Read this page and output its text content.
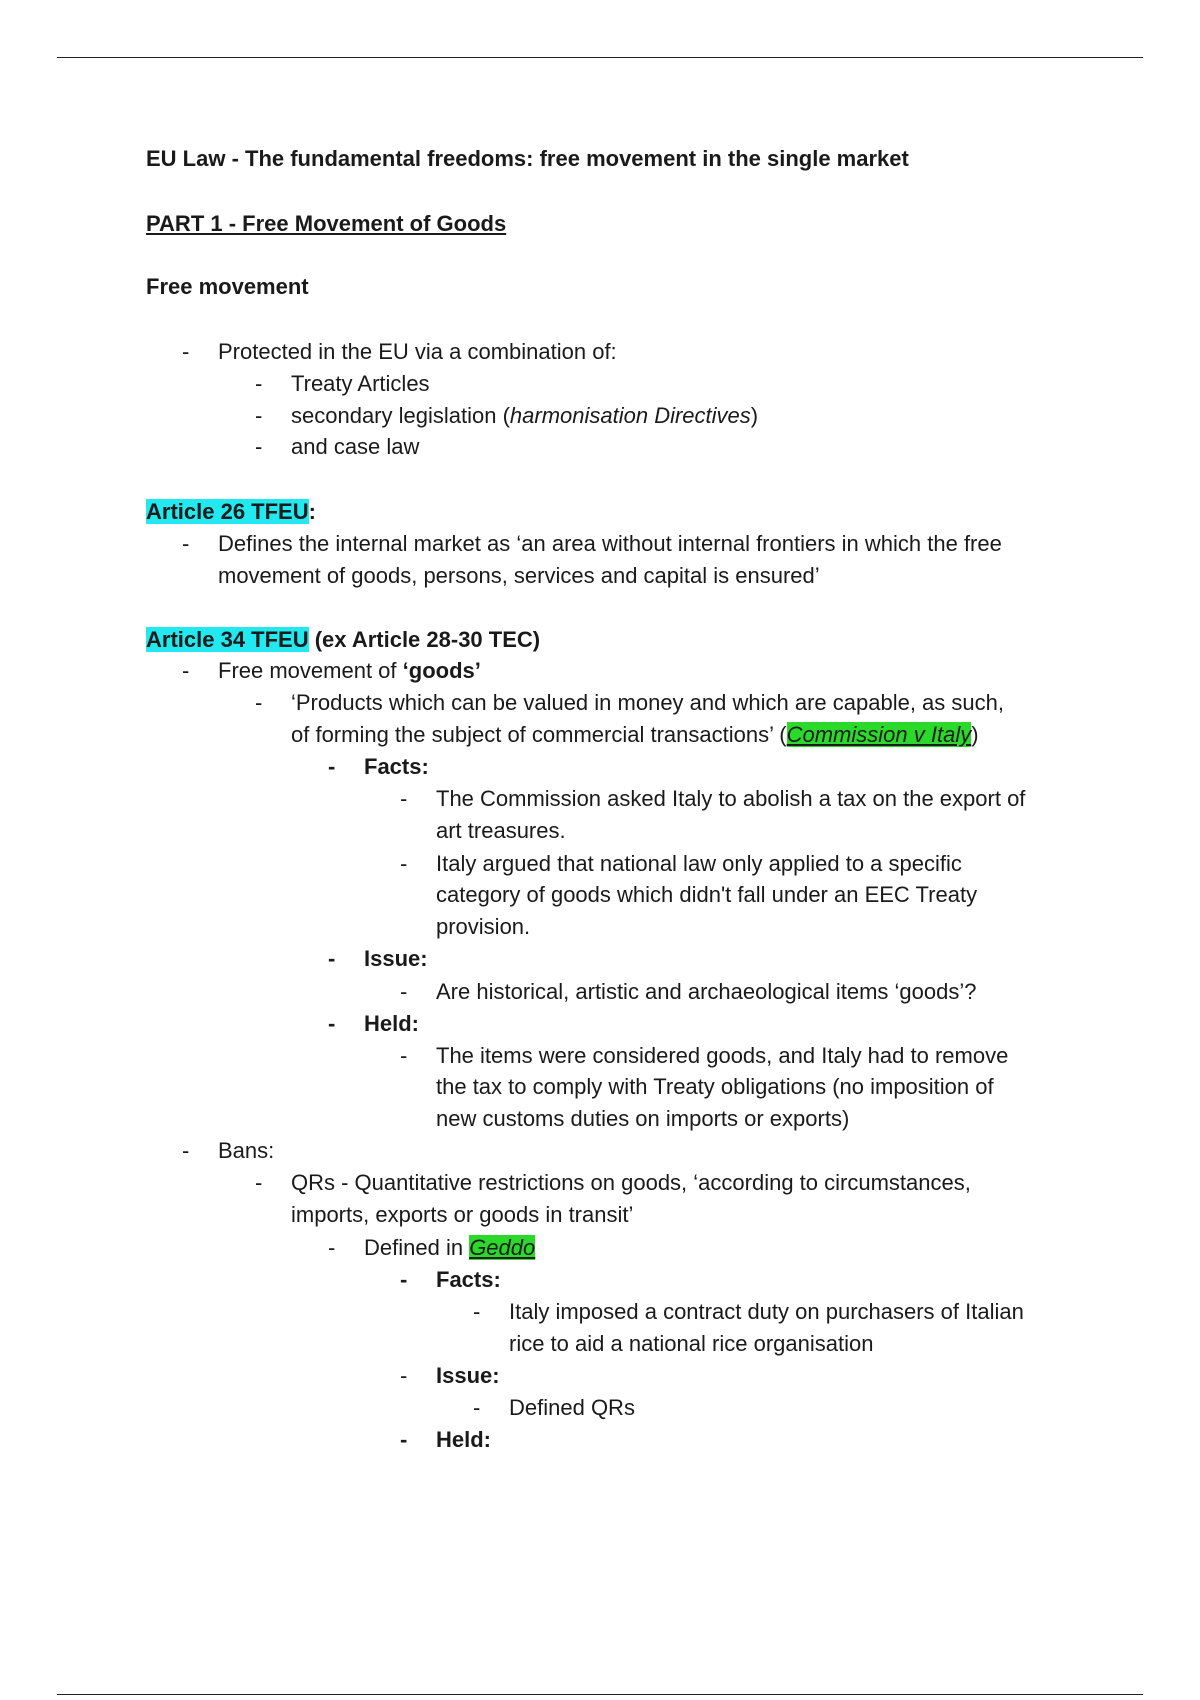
EU Law - The fundamental freedoms: free movement in the single market
PART 1 - Free Movement of Goods
Free movement
- Protected in the EU via a combination of:
- Treaty Articles
- secondary legislation (harmonisation Directives)
- and case law
Article 26 TFEU:
- Defines the internal market as ‘an area without internal frontiers in which the free
movement of goods, persons, services and capital is ensured’
Article 34 TFEU (ex Article 28-30 TEC)
- Free movement of ‘goods’
- ‘Products which can be valued in money and which are capable, as such,
of forming the subject of commercial transactions’ (Commission v Italy)
- Facts:
- The Commission asked Italy to abolish a tax on the export of
art treasures.
- Italy argued that national law only applied to a specific
category of goods which didn't fall under an EEC Treaty
provision.
- Issue:
- Are historical, artistic and archaeological items ‘goods’?
- Held:
- The items were considered goods, and Italy had to remove
the tax to comply with Treaty obligations (no imposition of
new customs duties on imports or exports)
- Bans:
- QRs - Quantitative restrictions on goods, ‘according to circumstances,
imports, exports or goods in transit’
- Defined in Geddo
- Facts:
- Italy imposed a contract duty on purchasers of Italian
rice to aid a national rice organisation
- Issue:
- Defined QRs
- Held:
